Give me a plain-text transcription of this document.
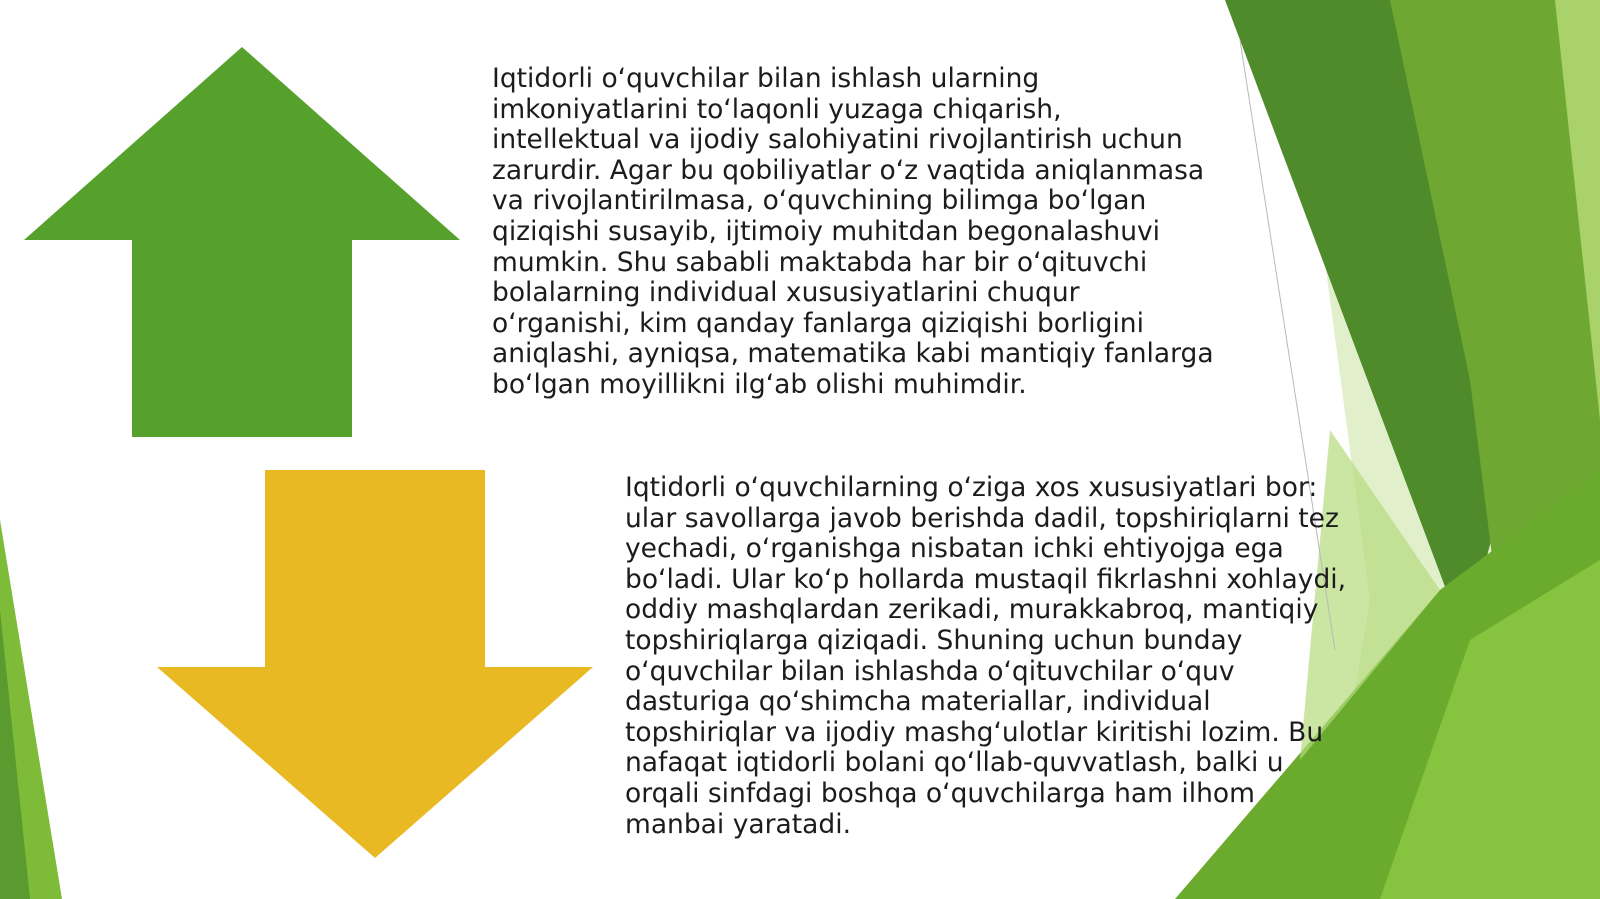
Iqtidorli o‘quvchilar bilan ishlash ularning
imkoniyatlarini to‘laqonli yuzaga chiqarish,
intellektual va ijodiy salohiyatini rivojlantirish uchun
zarurdir. Agar bu qobiliyatlar o‘z vaqtida aniqlanmasa
va rivojlantirilmasa, o‘quvchining bilimga bo‘lgan
qiziqishi susayib, ijtimoiy muhitdan begonalashuvi
mumkin. Shu sababli maktabda har bir o‘qituvchi
bolalarning individual xususiyatlarini chuqur
o‘rganishi, kim qanday fanlarga qiziqishi borligini
aniqlashi, ayniqsa, matematika kabi mantiqiy fanlarga
bo‘lgan moyillikni ilg‘ab olishi muhimdir.

Iqtidorli o‘quvchilarning o‘ziga xos xususiyatlari bor:
ular savollarga javob berishda dadil, topshiriqlarni tez
yechadi, o‘rganishga nisbatan ichki ehtiyojga ega
bo‘ladi. Ular ko‘p hollarda mustaqil fikrlashni xohlaydi,
oddiy mashqlardan zerikadi, murakkabroq, mantiqiy
topshiriqlarga qiziqadi. Shuning uchun bunday
o‘quvchilar bilan ishlashda o‘qituvchilar o‘quv
dasturiga qo‘shimcha materiallar, individual
topshiriqlar va ijodiy mashg‘ulotlar kiritishi lozim. Bu
nafaqat iqtidorli bolani qo‘llab-quvvatlash, balki u
orqali sinfdagi boshqa o‘quvchilarga ham ilhom
manbai yaratadi.
